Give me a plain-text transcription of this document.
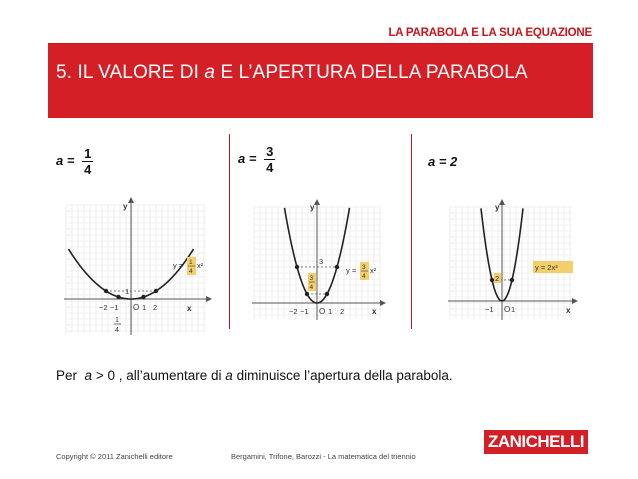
LA PARABOLA E LA SUA EQUAZIONE
5. IL VALORE DI a E L’APERTURA DELLA PARABOLA
$a = \frac{1}{4}$	$a = \frac{3}{4}$	a = 2
x
y
O
−2 −1	1 2
1
1
4
y = 1
4
x²
x
y
O
−2 −1	1 2
3
3
4
y = 3
4
x²
x
y
O
−1 1
2
y = 2x²
Per a > 0 , all’aumentare di a diminuisce l’apertura della parabola.
Copyright © 2011 Zanichelli editore	Bergamini, Trifone, Barozzi - La matematica del triennio
ZANICHELLI
